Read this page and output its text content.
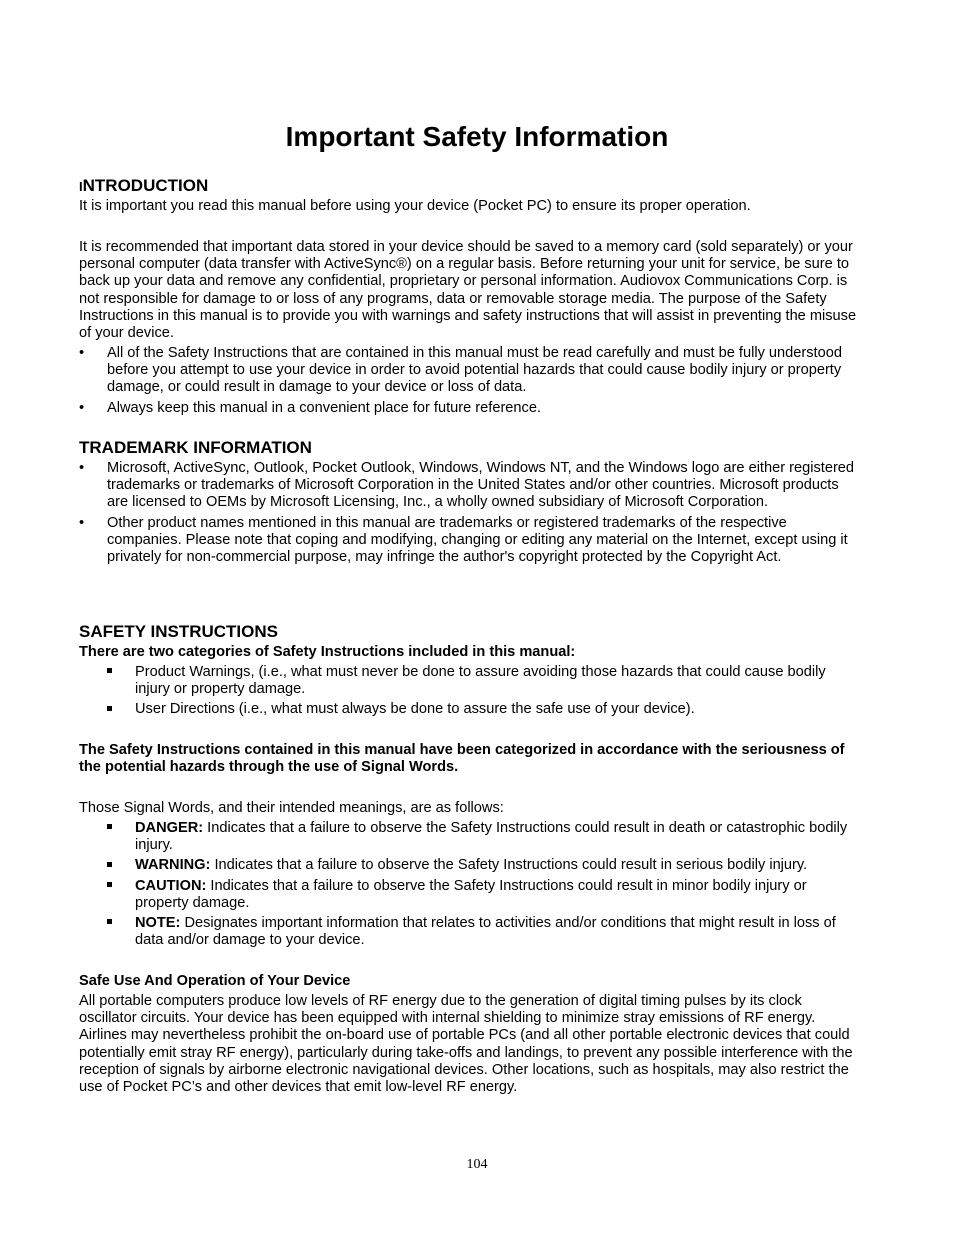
Important Safety Information
INTRODUCTION

It is important you read this manual before using your device (Pocket PC) to ensure its proper operation.

It is recommended that important data stored in your device should be saved to a memory card (sold separately) or your personal computer (data transfer with ActiveSync®) on a regular basis. Before returning your unit for service, be sure to back up your data and remove any confidential, proprietary or personal information. Audiovox Communications Corp. is not responsible for damage to or loss of any programs, data or removable storage media. The purpose of the Safety Instructions in this manual is to provide you with warnings and safety instructions that will assist in preventing the misuse of your device.

•	All of the Safety Instructions that are contained in this manual must be read carefully and must be fully understood before you attempt to use your device in order to avoid potential hazards that could cause bodily injury or property damage, or could result in damage to your device or loss of data.
•	Always keep this manual in a convenient place for future reference.
TRADEMARK INFORMATION
•	Microsoft, ActiveSync, Outlook, Pocket Outlook, Windows, Windows NT, and the Windows logo are either registered trademarks or trademarks of Microsoft Corporation in the United States and/or other countries. Microsoft products are licensed to OEMs by Microsoft Licensing, Inc., a wholly owned subsidiary of Microsoft Corporation.
•	Other product names mentioned in this manual are trademarks or registered trademarks of the respective companies. Please note that coping and modifying, changing or editing any material on the Internet, except using it privately for non-commercial purpose, may infringe the author's copyright protected by the Copyright Act.
SAFETY INSTRUCTIONS

There are two categories of Safety Instructions included in this manual:

Product Warnings, (i.e., what must never be done to assure avoiding those hazards that could cause bodily injury or property damage.
User Directions (i.e., what must always be done to assure the safe use of your device).

The Safety Instructions contained in this manual have been categorized in accordance with the seriousness of the potential hazards through the use of Signal Words.

Those Signal Words, and their intended meanings, are as follows:

DANGER: Indicates that a failure to observe the Safety Instructions could result in death or catastrophic bodily injury.
WARNING: Indicates that a failure to observe the Safety Instructions could result in serious bodily injury.
CAUTION: Indicates that a failure to observe the Safety Instructions could result in minor bodily injury or property damage.
NOTE: Designates important information that relates to activities and/or conditions that might result in loss of data and/or damage to your device.
Safe Use And Operation of Your Device

All portable computers produce low levels of RF energy due to the generation of digital timing pulses by its clock oscillator circuits. Your device has been equipped with internal shielding to minimize stray emissions of RF energy. Airlines may nevertheless prohibit the on-board use of portable PCs (and all other portable electronic devices that could potentially emit stray RF energy), particularly during take-offs and landings, to prevent any possible interference with the reception of signals by airborne electronic navigational devices. Other locations, such as hospitals, may also restrict the use of Pocket PC’s and other devices that emit low-level RF energy.

104
